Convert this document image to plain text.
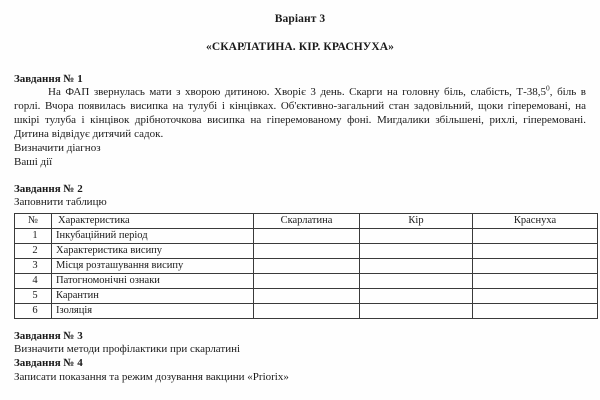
Варіант 3
«СКАРЛАТИНА. КІР. КРАСНУХА»
Завдання № 1

На ФАП звернулась мати з хворою дитиною. Хворіє 3 день. Скарги на головну біль, слабість, Т-38,5$^0$, біль в горлі. Вчора появилась висипка на тулубі і кінцівках. Об'єктивно-загальний стан задовільний, щоки гіперемовані, на шкірі тулуба і кінцівок дрібноточкова висипка на гіперемованому фоні. Мигдалики збільшені, рихлі, гіперемовані. Дитина відвідує дитячий садок.

Визначити діагноз
Ваші дії
Завдання № 2
Заповнити таблицю
№	Характеристика	Скарлатина	Кір	Краснуха
1	Інкубаційний період			
2	Характеристика висипу			
3	Місця розташування висипу			
4	Патогномонічні ознаки			
5	Карантин			
6	Ізоляція			
Завдання № 3
Визначити методи профілактики при скарлатині
Завдання № 4
Записати показання та режим дозування вакцини «Priorix»
